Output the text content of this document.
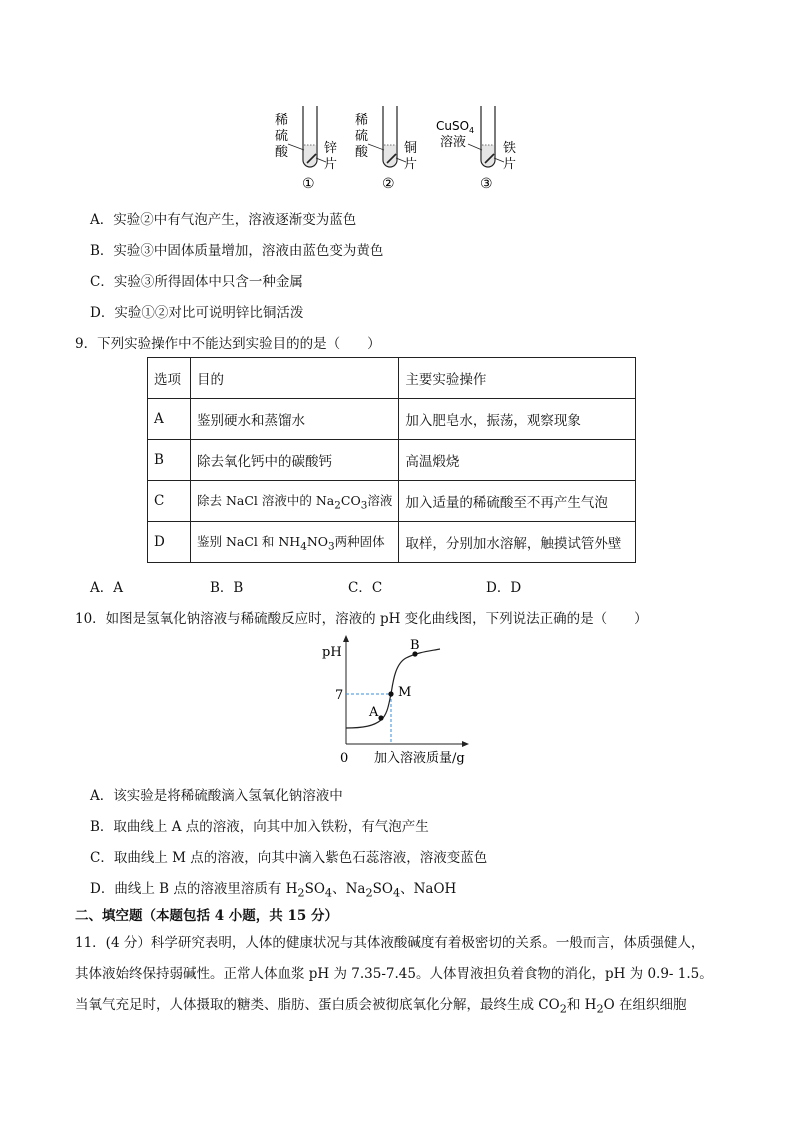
稀
硫
酸	锌
片
①
稀
硫
酸	铜
片
②
CuSO$_4$
溶液	铁
片
③
A．实验②中有气泡产生，溶液逐渐变为蓝色
B．实验③中固体质量增加，溶液由蓝色变为黄色
C．实验③所得固体中只含一种金属
D．实验①②对比可说明锌比铜活泼
9．下列实验操作中不能达到实验目的的是（　　）
选项	目的	主要实验操作
A	鉴别硬水和蒸馏水	加入肥皂水，振荡，观察现象
B	除去氧化钙中的碳酸钙	高温煅烧
C	除去 NaCl 溶液中的 $Na_2CO_3$溶液	加入适量的稀硫酸至不再产生气泡
D	鉴别 NaCl 和 $NH_4NO_3$两种固体	取样，分别加水溶解，触摸试管外壁
A．A	B．B	C．C	D．D
10．如图是氢氧化钠溶液与稀硫酸反应时，溶液的 pH 变化曲线图，下列说法正确的是（　　）
pH
7
0 加入溶液质量/g
A
M
B
A．该实验是将稀硫酸滴入氢氧化钠溶液中
B．取曲线上 A 点的溶液，向其中加入铁粉，有气泡产生
C．取曲线上 M 点的溶液，向其中滴入紫色石蕊溶液，溶液变蓝色
D．曲线上 B 点的溶液里溶质有 $H_2SO_4$、$Na_2SO_4$、NaOH
二、填空题（本题包括 4 小题，共 15 分）
11．(4 分）科学研究表明，人体的健康状况与其体液酸碱度有着极密切的关系。一般而言，体质强健人，
其体液始终保持弱碱性。正常人体血浆 pH 为 7.35-7.45。人体胃液担负着食物的消化，pH 为 0.9- 1.5。
当氧气充足时，人体摄取的糖类、脂肪、蛋白质会被彻底氧化分解，最终生成 $CO_2$和 $H_2O$ 在组织细胞
